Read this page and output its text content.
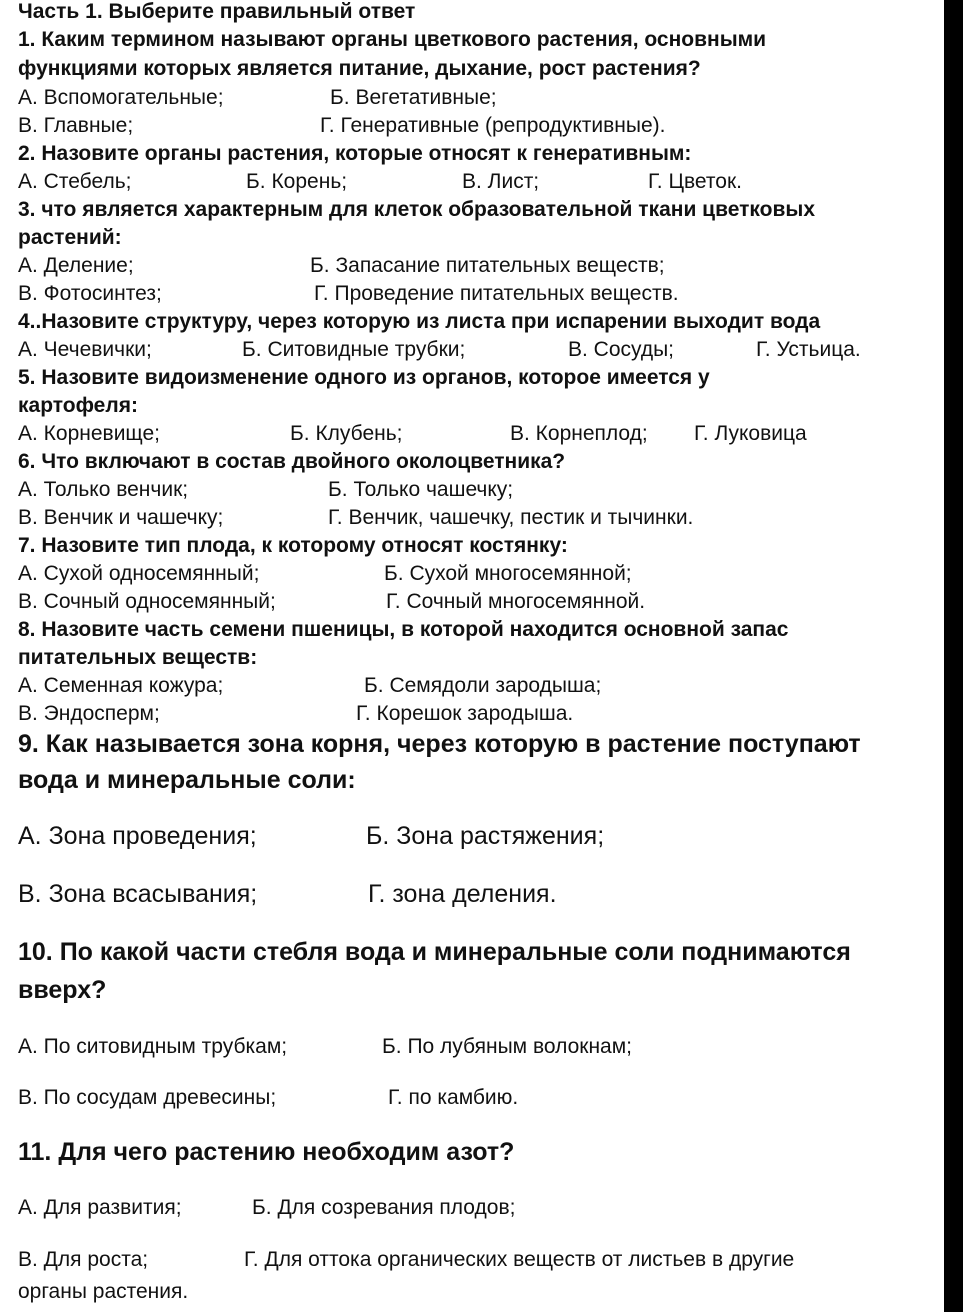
Часть 1. Выберите правильный ответ
1. Каким термином называют органы цветкового растения, основными
функциями которых является питание, дыхание, рост растения?
А. Вспомогательные;	Б. Вегетативные;
В. Главные;	Г. Генеративные (репродуктивные).
2. Назовите органы растения, которые относят к генеративным:
А. Стебель;	Б. Корень;	В. Лист;	Г. Цветок.
3. что является характерным для клеток образовательной ткани цветковых
растений:
А. Деление;	Б. Запасание питательных веществ;
В. Фотосинтез;	Г. Проведение питательных веществ.
4..Назовите структуру, через которую из листа при испарении выходит вода
А. Чечевички;	Б. Ситовидные трубки;	В. Сосуды;	Г. Устьица.
5. Назовите видоизменение одного из органов, которое имеется у
картофеля:
А. Корневище;	Б. Клубень;	В. Корнеплод; Г. Луковица
6. Что включают в состав двойного околоцветника?
А. Только венчик;	Б. Только чашечку;
В. Венчик и чашечку;	Г. Венчик, чашечку, пестик и тычинки.
7. Назовите тип плода, к которому относят костянку:
А. Сухой односемянный;	Б. Сухой многосемянной;
В. Сочный односемянный;	Г. Сочный многосемянной.
8. Назовите часть семени пшеницы, в которой находится основной запас
питательных веществ:
А. Семенная кожура;	Б. Семядоли зародыша;
В. Эндосперм;	Г. Корешок зародыша.
9. Как называется зона корня, через которую в растение поступают
вода и минеральные соли:
А. Зона проведения;	Б. Зона растяжения;
В. Зона всасывания;	Г. зона деления.
10. По какой части стебля вода и минеральные соли поднимаются
вверх?
А. По ситовидным трубкам;	Б. По лубяным волокнам;
В. По сосудам древесины;	Г. по камбию.
11. Для чего растению необходим азот?
А. Для развития;	Б. Для созревания плодов;
В. Для роста;	Г. Для оттока органических веществ от листьев в другие
органы растения.
